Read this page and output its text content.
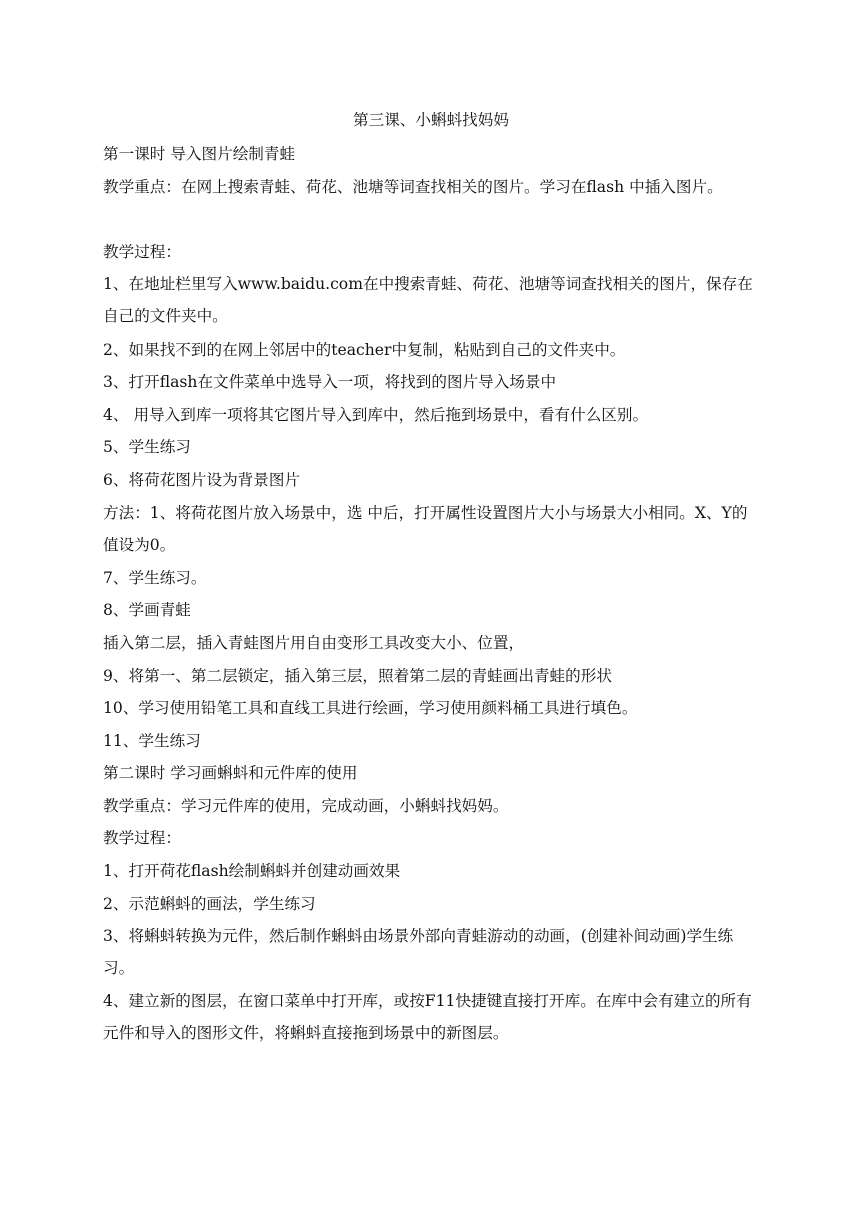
第三课、小蝌蚪找妈妈

第一课时 导入图片绘制青蛙

教学重点：在网上搜索青蛙、荷花、池塘等词查找相关的图片。学习在flash 中插入图片。

教学过程：

1、在地址栏里写入www.baidu.com在中搜索青蛙、荷花、池塘等词查找相关的图片，保存在自己的文件夹中。

2、如果找不到的在网上邻居中的teacher中复制，粘贴到自己的文件夹中。

3、打开flash在文件菜单中选导入一项，将找到的图片导入场景中

4、 用导入到库一项将其它图片导入到库中，然后拖到场景中，看有什么区别。

5、学生练习

6、将荷花图片设为背景图片

方法：1、将荷花图片放入场景中，选 中后，打开属性设置图片大小与场景大小相同。X、Y的值设为0。

7、学生练习。

8、学画青蛙

插入第二层，插入青蛙图片用自由变形工具改变大小、位置，

9、将第一、第二层锁定，插入第三层，照着第二层的青蛙画出青蛙的形状

10、学习使用铅笔工具和直线工具进行绘画，学习使用颜料桶工具进行填色。

11、学生练习

第二课时 学习画蝌蚪和元件库的使用

教学重点：学习元件库的使用，完成动画，小蝌蚪找妈妈。

教学过程：

1、打开荷花flash绘制蝌蚪并创建动画效果

2、示范蝌蚪的画法，学生练习

3、将蝌蚪转换为元件，然后制作蝌蚪由场景外部向青蛙游动的动画，(创建补间动画)学生练习。

4、建立新的图层，在窗口菜单中打开库，或按F11快捷键直接打开库。在库中会有建立的所有元件和导入的图形文件，将蝌蚪直接拖到场景中的新图层。
